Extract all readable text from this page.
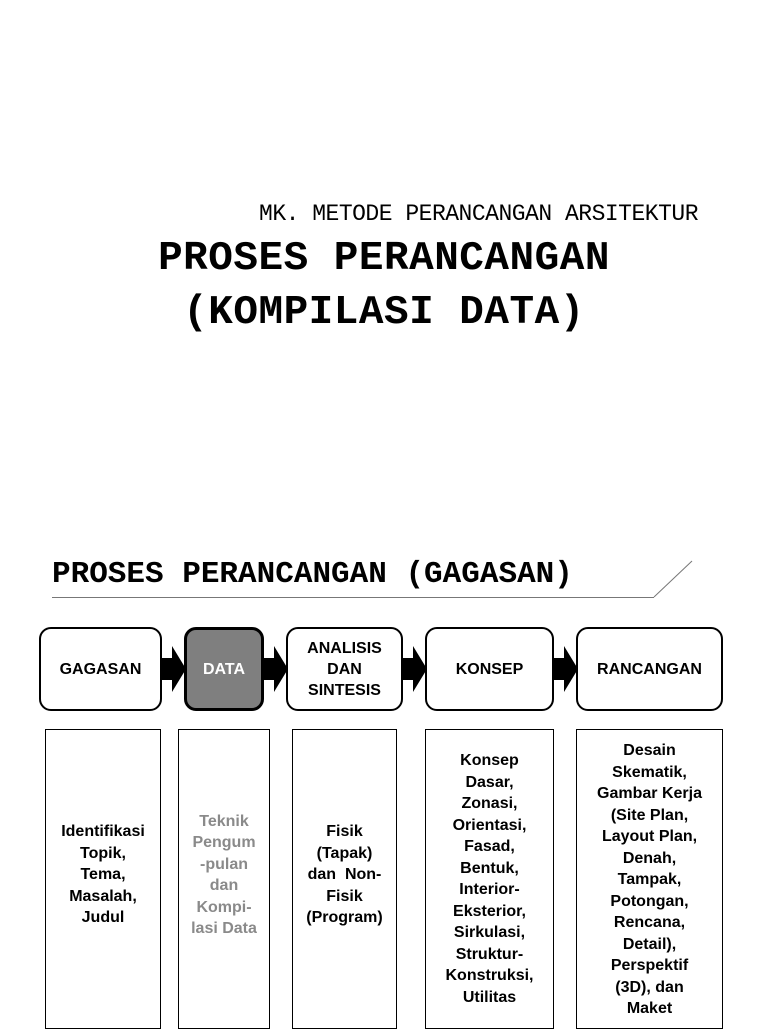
MK. METODE PERANCANGAN ARSITEKTUR
PROSES PERANCANGAN
(KOMPILASI DATA)
PROSES PERANCANGAN (GAGASAN)
GAGASAN	DATA
ANALISIS
DAN
SINTESIS
KONSEP	RANCANGAN
Identifikasi
Topik,
Tema,
Masalah,
Judul
Teknik
Pengum
-pulan
dan
Kompi-
lasi Data
Fisik
(Tapak)
dan  Non-
Fisik
(Program)
Konsep
Dasar,
Zonasi,
Orientasi,
Fasad,
Bentuk,
Interior-
Eksterior,
Sirkulasi,
Struktur-
Konstruksi,
Utilitas
Desain
Skematik,
Gambar Kerja
(Site Plan,
Layout Plan,
Denah,
Tampak,
Potongan,
Rencana,
Detail),
Perspektif
(3D), dan
Maket
